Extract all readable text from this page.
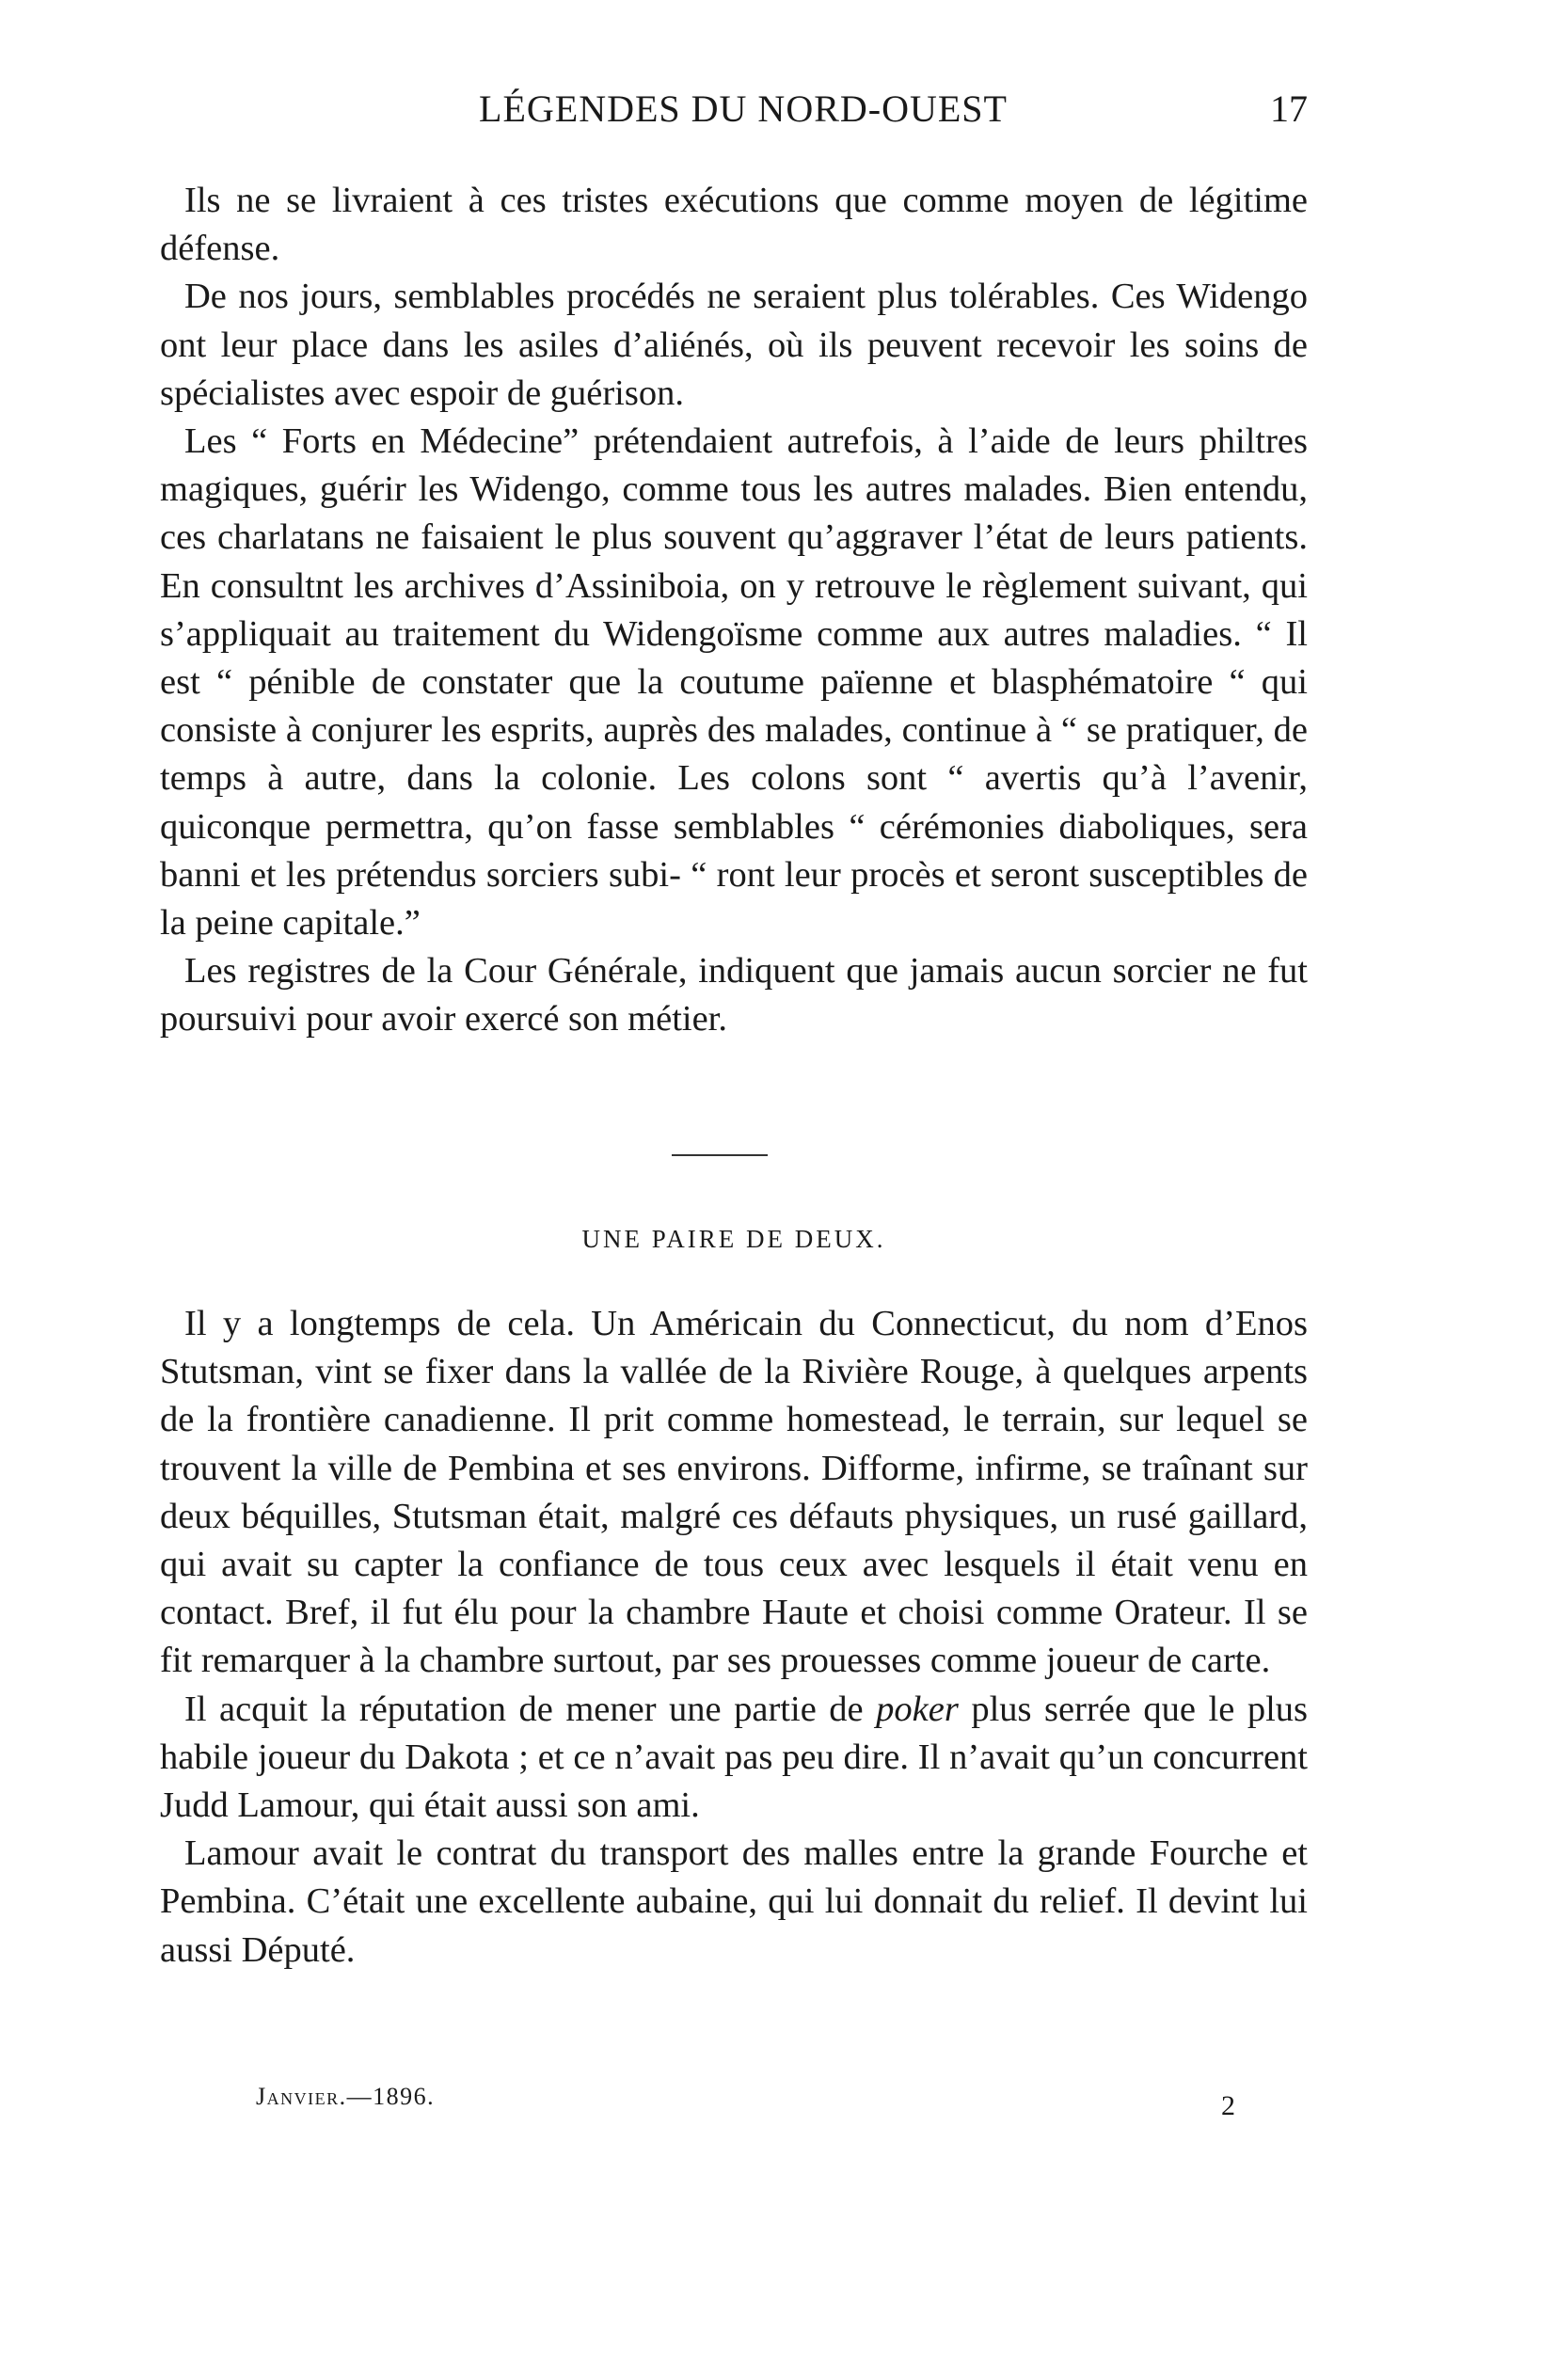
LÉGENDES DU NORD-OUEST	17

Ils ne se livraient à ces tristes exécutions que comme moyen de légitime défense.

De nos jours, semblables procédés ne seraient plus tolérables. Ces Widengo ont leur place dans les asiles d’aliénés, où ils peuvent recevoir les soins de spécialistes avec espoir de guérison.

Les “ Forts en Médecine” prétendaient autrefois, à l’aide de leurs philtres magiques, guérir les Widengo, comme tous les autres malades. Bien entendu, ces charlatans ne faisaient le plus souvent qu’aggraver l’état de leurs patients. En consultnt les archives d’Assiniboia, on y retrouve le règlement suivant, qui s’appliquait au traitement du Widengoïsme comme aux autres maladies. “ Il est “ pénible de constater que la coutume païenne et blasphématoire “ qui consiste à conjurer les esprits, auprès des malades, continue à “ se pratiquer, de temps à autre, dans la colonie. Les colons sont “ avertis qu’à l’avenir, quiconque permettra, qu’on fasse semblables “ cérémonies diaboliques, sera banni et les prétendus sorciers subi- “ ront leur procès et seront susceptibles de la peine capitale.”

Les registres de la Cour Générale, indiquent que jamais aucun sorcier ne fut poursuivi pour avoir exercé son métier.

UNE PAIRE DE DEUX.

Il y a longtemps de cela. Un Américain du Connecticut, du nom d’Enos Stutsman, vint se fixer dans la vallée de la Rivière Rouge, à quelques arpents de la frontière canadienne. Il prit comme homestead, le terrain, sur lequel se trouvent la ville de Pembina et ses environs. Difforme, infirme, se traînant sur deux béquilles, Stutsman était, malgré ces défauts physiques, un rusé gaillard, qui avait su capter la confiance de tous ceux avec lesquels il était venu en contact. Bref, il fut élu pour la chambre Haute et choisi comme Orateur. Il se fit remarquer à la chambre surtout, par ses prouesses comme joueur de carte.

Il acquit la réputation de mener une partie de poker plus serrée que le plus habile joueur du Dakota ; et ce n’avait pas peu dire. Il n’avait qu’un concurrent Judd Lamour, qui était aussi son ami.

Lamour avait le contrat du transport des malles entre la grande Fourche et Pembina. C’était une excellente aubaine, qui lui donnait du relief. Il devint lui aussi Député.

Janvier.—1896.	2
